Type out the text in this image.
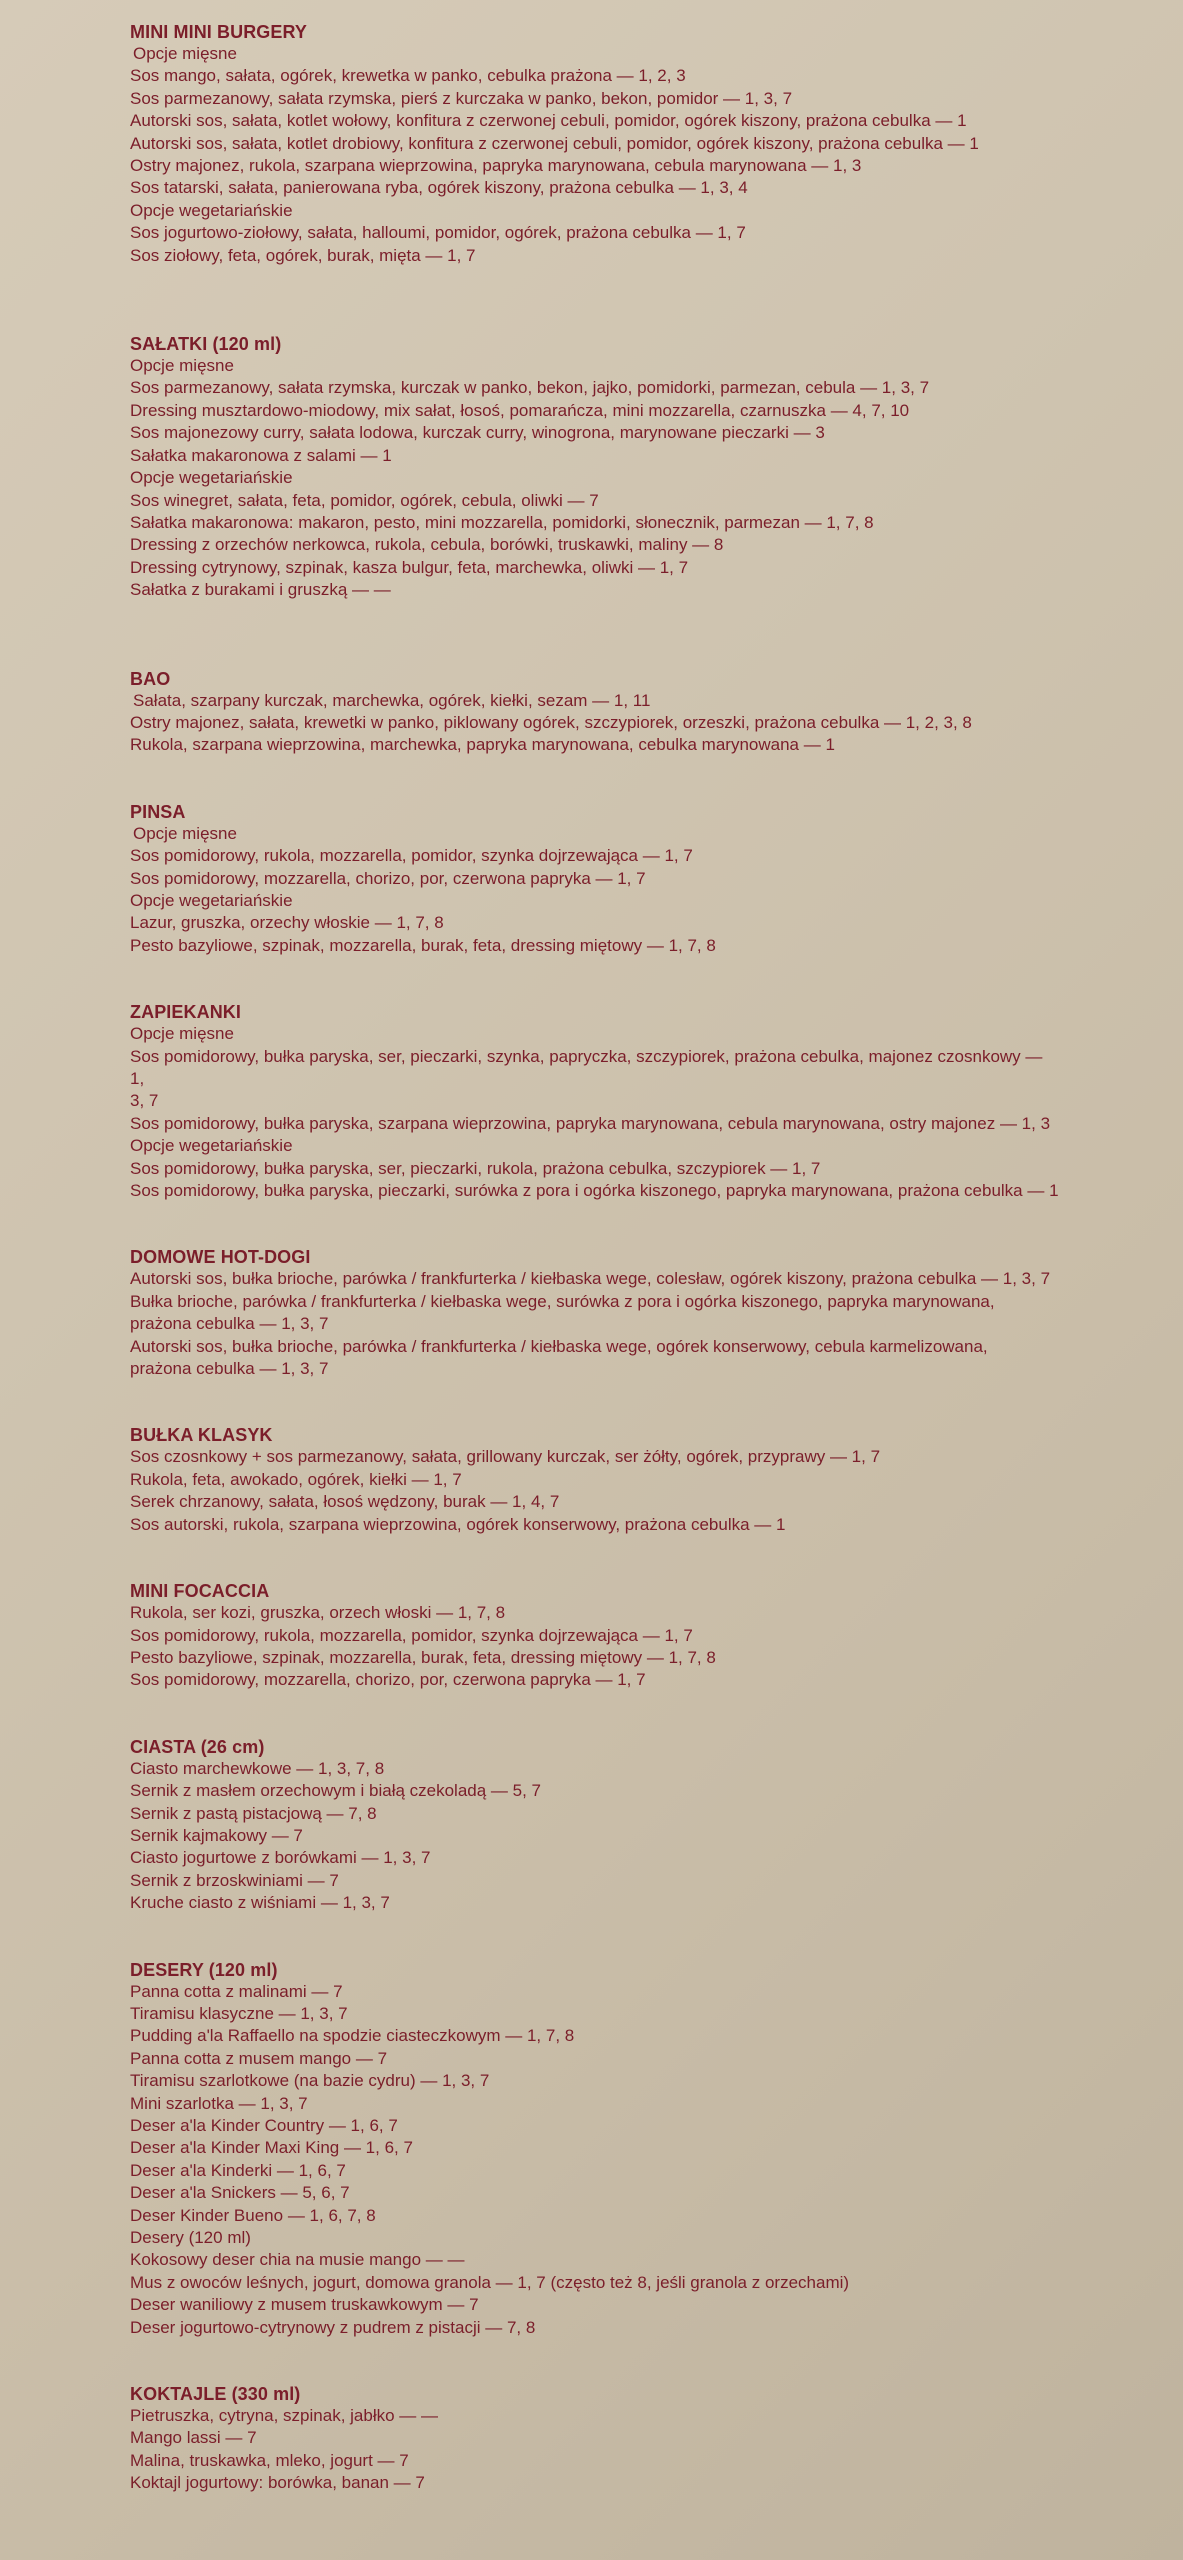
MINI MINI BURGERY
Opcje mięsne
Sos mango, sałata, ogórek, krewetka w panko, cebulka prażona — 1, 2, 3
Sos parmezanowy, sałata rzymska, pierś z kurczaka w panko, bekon, pomidor — 1, 3, 7
Autorski sos, sałata, kotlet wołowy, konfitura z czerwonej cebuli, pomidor, ogórek kiszony, prażona cebulka — 1
Autorski sos, sałata, kotlet drobiowy, konfitura z czerwonej cebuli, pomidor, ogórek kiszony, prażona cebulka — 1
Ostry majonez, rukola, szarpana wieprzowina, papryka marynowana, cebula marynowana — 1, 3
Sos tatarski, sałata, panierowana ryba, ogórek kiszony, prażona cebulka — 1, 3, 4
Opcje wegetariańskie
Sos jogurtowo-ziołowy, sałata, halloumi, pomidor, ogórek, prażona cebulka — 1, 7
Sos ziołowy, feta, ogórek, burak, mięta — 1, 7
SAŁATKI (120 ml)
Opcje mięsne
Sos parmezanowy, sałata rzymska, kurczak w panko, bekon, jajko, pomidorki, parmezan, cebula — 1, 3, 7
Dressing musztardowo-miodowy, mix sałat, łosoś, pomarańcza, mini mozzarella, czarnuszka — 4, 7, 10
Sos majonezowy curry, sałata lodowa, kurczak curry, winogrona, marynowane pieczarki — 3
Sałatka makaronowa z salami — 1
Opcje wegetariańskie
Sos winegret, sałata, feta, pomidor, ogórek, cebula, oliwki — 7
Sałatka makaronowa: makaron, pesto, mini mozzarella, pomidorki, słonecznik, parmezan — 1, 7, 8
Dressing z orzechów nerkowca, rukola, cebula, borówki, truskawki, maliny — 8
Dressing cytrynowy, szpinak, kasza bulgur, feta, marchewka, oliwki — 1, 7
Sałatka z burakami i gruszką — —
BAO
Sałata, szarpany kurczak, marchewka, ogórek, kiełki, sezam — 1, 11
Ostry majonez, sałata, krewetki w panko, piklowany ogórek, szczypiorek, orzeszki, prażona cebulka — 1, 2, 3, 8
Rukola, szarpana wieprzowina, marchewka, papryka marynowana, cebulka marynowana — 1
PINSA
Opcje mięsne
Sos pomidorowy, rukola, mozzarella, pomidor, szynka dojrzewająca — 1, 7
Sos pomidorowy, mozzarella, chorizo, por, czerwona papryka — 1, 7
Opcje wegetariańskie
Lazur, gruszka, orzechy włoskie — 1, 7, 8
Pesto bazyliowe, szpinak, mozzarella, burak, feta, dressing miętowy — 1, 7, 8
ZAPIEKANKI
Opcje mięsne
Sos pomidorowy, bułka paryska, ser, pieczarki, szynka, papryczka, szczypiorek, prażona cebulka, majonez czosnkowy — 1,
3, 7
Sos pomidorowy, bułka paryska, szarpana wieprzowina, papryka marynowana, cebula marynowana, ostry majonez — 1, 3
Opcje wegetariańskie
Sos pomidorowy, bułka paryska, ser, pieczarki, rukola, prażona cebulka, szczypiorek — 1, 7
Sos pomidorowy, bułka paryska, pieczarki, surówka z pora i ogórka kiszonego, papryka marynowana, prażona cebulka — 1
DOMOWE HOT-DOGI
Autorski sos, bułka brioche, parówka / frankfurterka / kiełbaska wege, colesław, ogórek kiszony, prażona cebulka — 1, 3, 7
Bułka brioche, parówka / frankfurterka / kiełbaska wege, surówka z pora i ogórka kiszonego, papryka marynowana,
prażona cebulka — 1, 3, 7
Autorski sos, bułka brioche, parówka / frankfurterka / kiełbaska wege, ogórek konserwowy, cebula karmelizowana,
prażona cebulka — 1, 3, 7
BUŁKA KLASYK
Sos czosnkowy + sos parmezanowy, sałata, grillowany kurczak, ser żółty, ogórek, przyprawy — 1, 7
Rukola, feta, awokado, ogórek, kiełki — 1, 7
Serek chrzanowy, sałata, łosoś wędzony, burak — 1, 4, 7
Sos autorski, rukola, szarpana wieprzowina, ogórek konserwowy, prażona cebulka — 1
MINI FOCACCIA
Rukola, ser kozi, gruszka, orzech włoski — 1, 7, 8
Sos pomidorowy, rukola, mozzarella, pomidor, szynka dojrzewająca — 1, 7
Pesto bazyliowe, szpinak, mozzarella, burak, feta, dressing miętowy — 1, 7, 8
Sos pomidorowy, mozzarella, chorizo, por, czerwona papryka — 1, 7
CIASTA (26 cm)
Ciasto marchewkowe — 1, 3, 7, 8
Sernik z masłem orzechowym i białą czekoladą — 5, 7
Sernik z pastą pistacjową — 7, 8
Sernik kajmakowy — 7
Ciasto jogurtowe z borówkami — 1, 3, 7
Sernik z brzoskwiniami — 7
Kruche ciasto z wiśniami — 1, 3, 7
DESERY (120 ml)
Panna cotta z malinami — 7
Tiramisu klasyczne — 1, 3, 7
Pudding a'la Raffaello na spodzie ciasteczkowym — 1, 7, 8
Panna cotta z musem mango — 7
Tiramisu szarlotkowe (na bazie cydru) — 1, 3, 7
Mini szarlotka — 1, 3, 7
Deser a'la Kinder Country — 1, 6, 7
Deser a'la Kinder Maxi King — 1, 6, 7
Deser a'la Kinderki — 1, 6, 7
Deser a'la Snickers — 5, 6, 7
Deser Kinder Bueno — 1, 6, 7, 8
Desery (120 ml)
Kokosowy deser chia na musie mango — —
Mus z owoców leśnych, jogurt, domowa granola — 1, 7 (często też 8, jeśli granola z orzechami)
Deser waniliowy z musem truskawkowym — 7
Deser jogurtowo-cytrynowy z pudrem z pistacji — 7, 8
KOKTAJLE (330 ml)
Pietruszka, cytryna, szpinak, jabłko — —
Mango lassi — 7
Malina, truskawka, mleko, jogurt — 7
Koktajl jogurtowy: borówka, banan — 7
